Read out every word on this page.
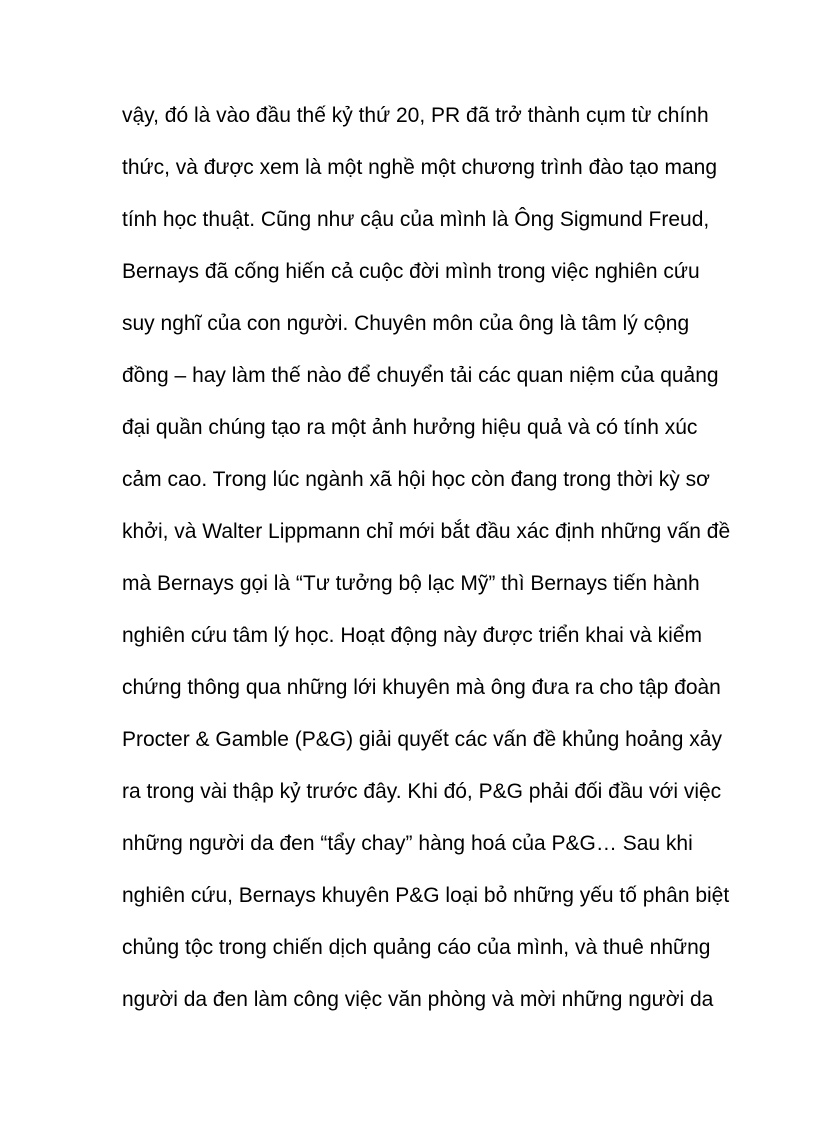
vậy, đó là vào đầu thế kỷ thứ 20, PR đã trở thành cụm từ chính
thức, và được xem là một nghề một chương trình đào tạo mang
tính học thuật. Cũng như cậu của mình là Ông Sigmund Freud,
Bernays đã cống hiến cả cuộc đời mình trong việc nghiên cứu
suy nghĩ của con người. Chuyên môn của ông là tâm lý cộng
đồng – hay làm thế nào để chuyển tải các quan niệm của quảng
đại quần chúng tạo ra một ảnh hưởng hiệu quả và có tính xúc
cảm cao. Trong lúc ngành xã hội học còn đang trong thời kỳ sơ
khởi, và Walter Lippmann chỉ mới bắt đầu xác định những vấn đề
mà Bernays gọi là “Tư tưởng bộ lạc Mỹ” thì Bernays tiến hành
nghiên cứu tâm lý học. Hoạt động này được triển khai và kiểm
chứng thông qua những lới khuyên mà ông đưa ra cho tập đoàn
Procter & Gamble (P&G) giải quyết các vấn đề khủng hoảng xảy
ra trong vài thập kỷ trước đây. Khi đó, P&G phải đối đầu với việc
những người da đen “tẩy chay” hàng hoá của P&G… Sau khi
nghiên cứu, Bernays khuyên P&G loại bỏ những yếu tố phân biệt
chủng tộc trong chiến dịch quảng cáo của mình, và thuê những
người da đen làm công việc văn phòng và mời những người da
